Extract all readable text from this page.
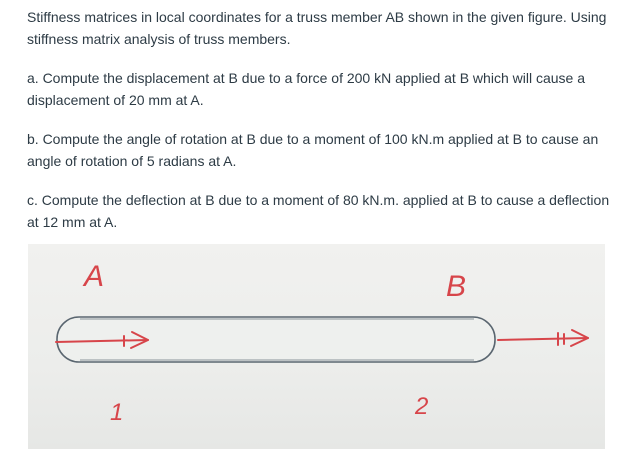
Stiffness matrices in local coordinates for a truss member AB shown in the given figure. Using stiffness matrix analysis of truss members.

a. Compute the displacement at B due to a force of 200 kN applied at B which will cause a displacement of 20 mm at A.

b. Compute the angle of rotation at B due to a moment of 100 kN.m applied at B to cause an angle of rotation of 5 radians at A.

c. Compute the deflection at B due to a moment of 80 kN.m. applied at B to cause a deflection at 12 mm at A.

A	B
1	2
